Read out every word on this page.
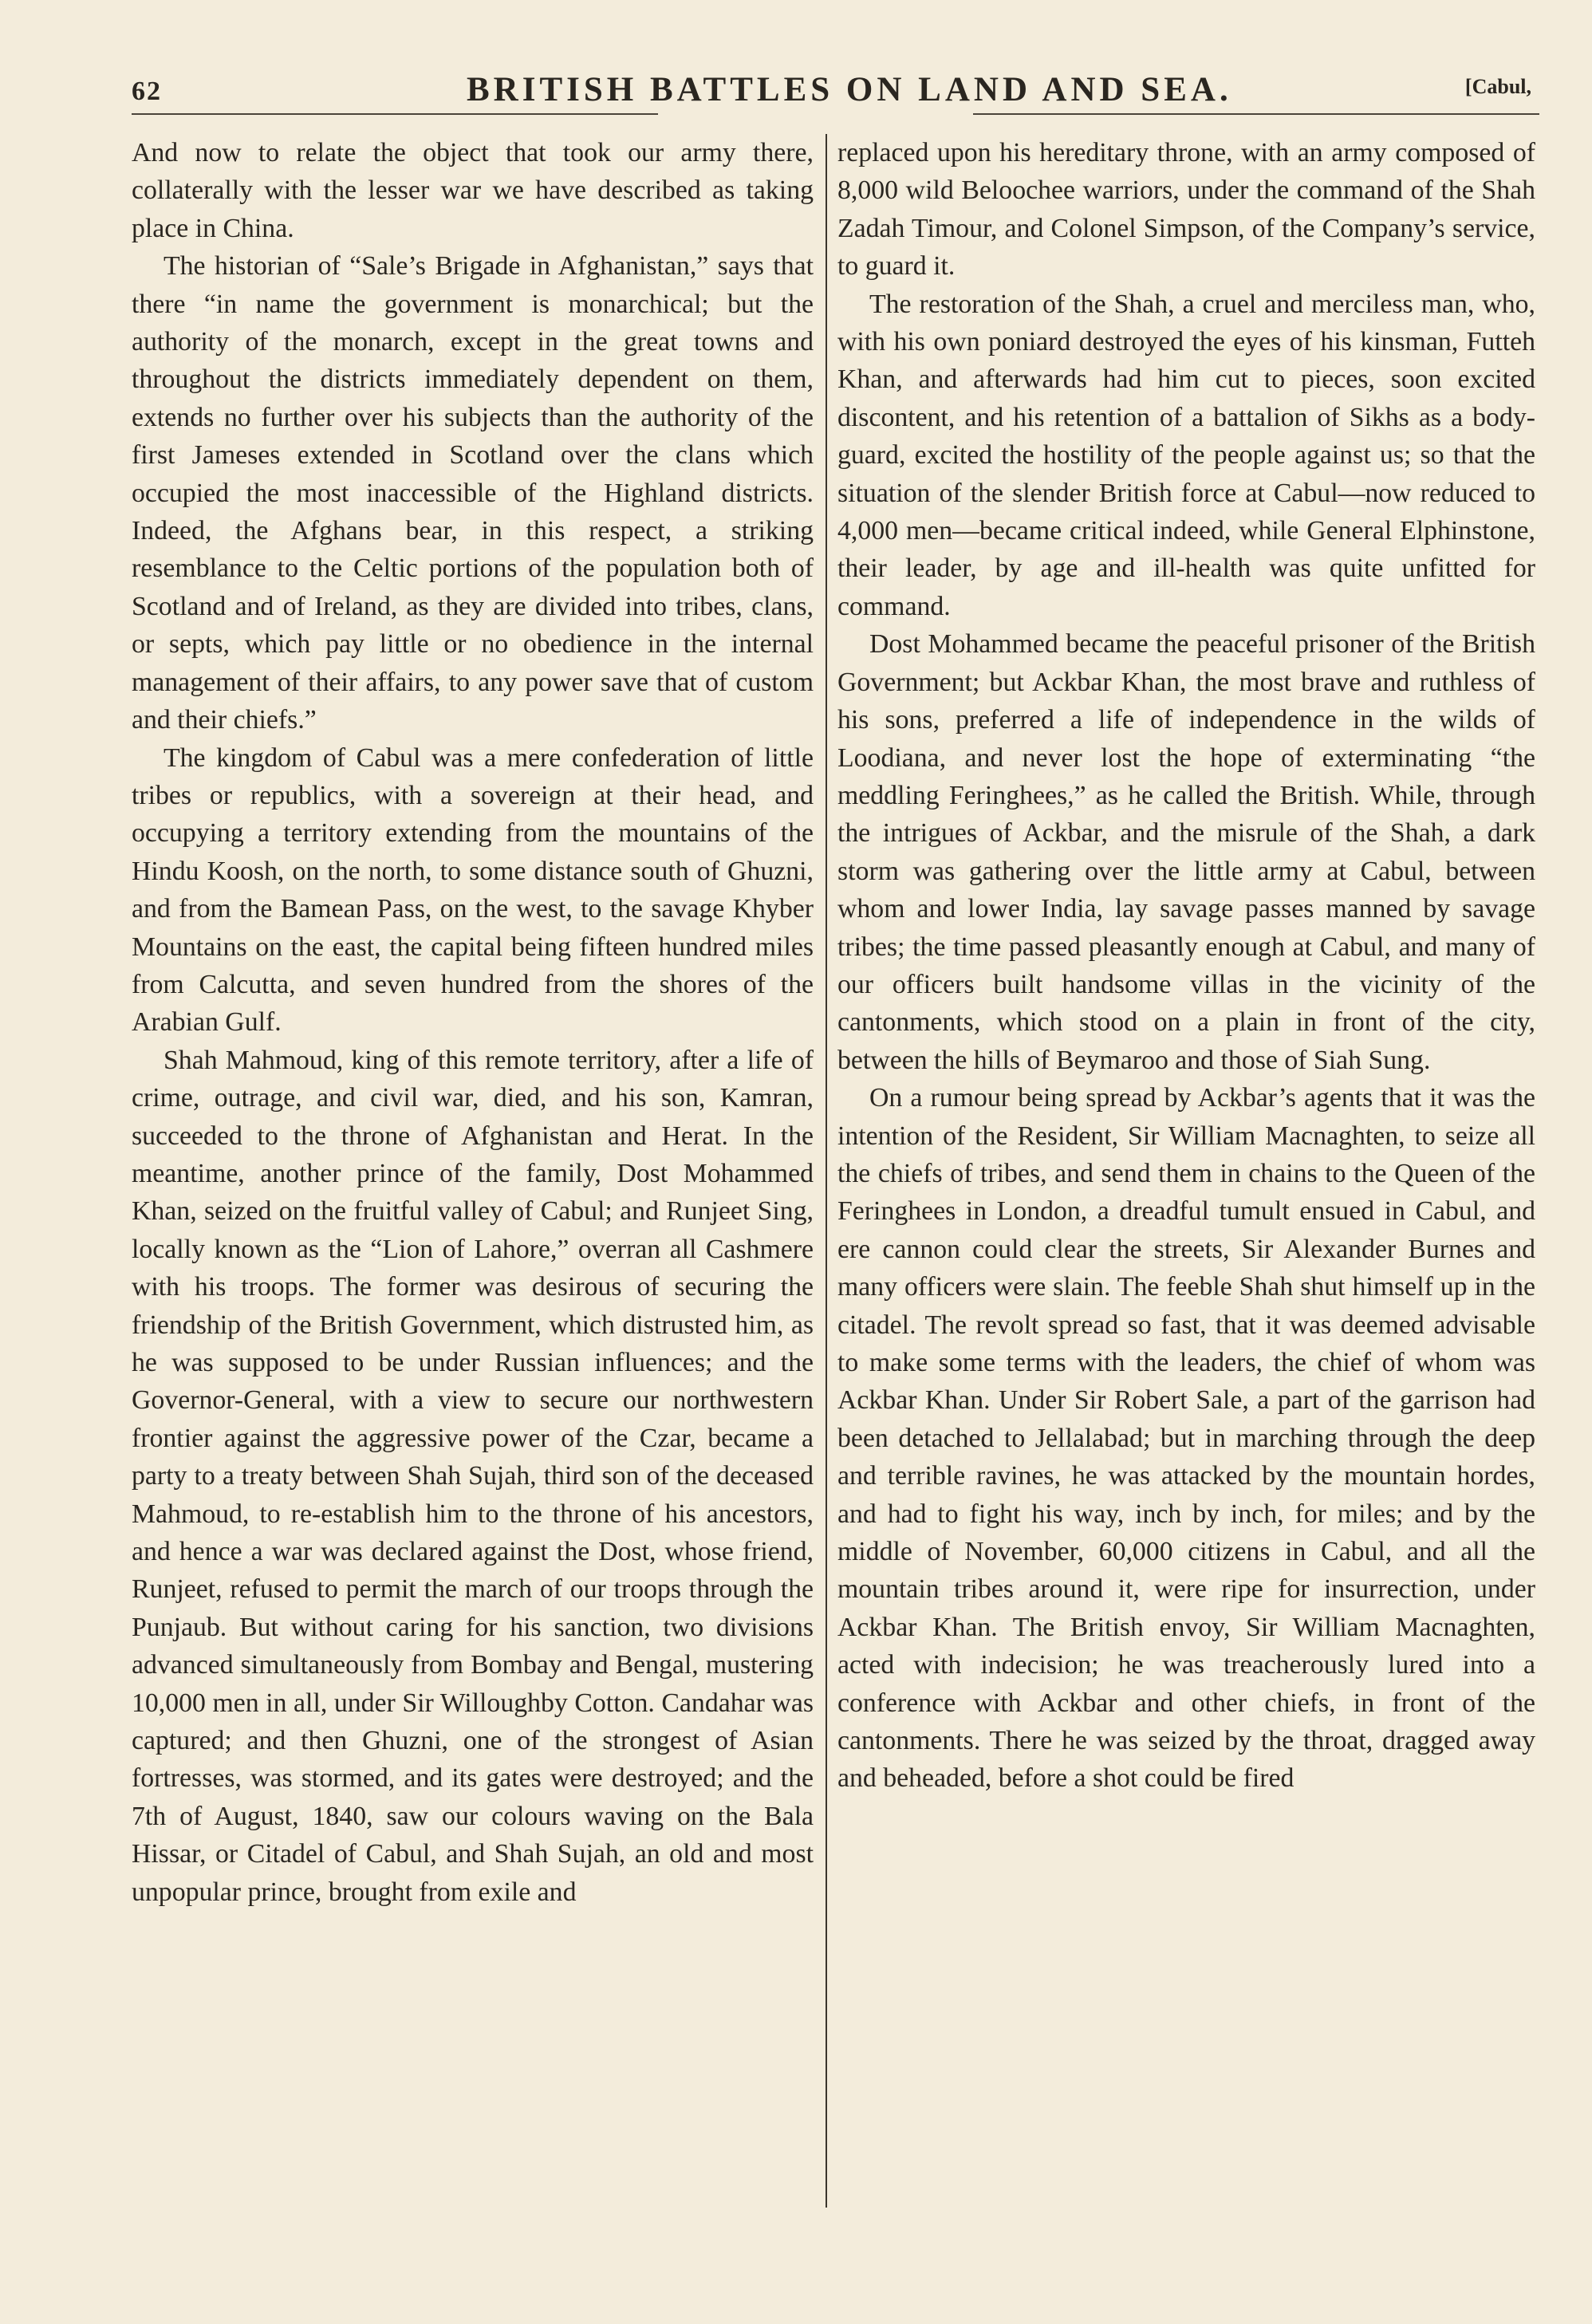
62	BRITISH BATTLES ON LAND AND SEA.	[Cabul,

And now to relate the object that took our army there, collaterally with the lesser war we have described as taking place in China.

The historian of “Sale’s Brigade in Afghanistan,” says that there “in name the government is monarchical; but the authority of the monarch, except in the great towns and throughout the districts immediately dependent on them, extends no further over his subjects than the authority of the first Jameses extended in Scotland over the clans which occupied the most inaccessible of the Highland districts. Indeed, the Afghans bear, in this respect, a striking resemblance to the Celtic portions of the population both of Scotland and of Ireland, as they are divided into tribes, clans, or septs, which pay little or no obedience in the internal management of their affairs, to any power save that of custom and their chiefs.”

The kingdom of Cabul was a mere confederation of little tribes or republics, with a sovereign at their head, and occupying a territory extending from the mountains of the Hindu Koosh, on the north, to some distance south of Ghuzni, and from the Bamean Pass, on the west, to the savage Khyber Mountains on the east, the capital being fifteen hundred miles from Calcutta, and seven hundred from the shores of the Arabian Gulf.

Shah Mahmoud, king of this remote territory, after a life of crime, outrage, and civil war, died, and his son, Kamran, succeeded to the throne of Afghanistan and Herat. In the meantime, another prince of the family, Dost Mohammed Khan, seized on the fruitful valley of Cabul; and Runjeet Sing, locally known as the “Lion of Lahore,” overran all Cashmere with his troops. The former was desirous of securing the friendship of the British Government, which distrusted him, as he was supposed to be under Russian influences; and the Governor-General, with a view to secure our northwestern frontier against the aggressive power of the Czar, became a party to a treaty between Shah Sujah, third son of the deceased Mahmoud, to re-establish him to the throne of his ancestors, and hence a war was declared against the Dost, whose friend, Runjeet, refused to permit the march of our troops through the Punjaub. But without caring for his sanction, two divisions advanced simultaneously from Bombay and Bengal, mustering 10,000 men in all, under Sir Willoughby Cotton. Candahar was captured; and then Ghuzni, one of the strongest of Asian fortresses, was stormed, and its gates were destroyed; and the 7th of August, 1840, saw our colours waving on the Bala Hissar, or Citadel of Cabul, and Shah Sujah, an old and most unpopular prince, brought from exile and

replaced upon his hereditary throne, with an army composed of 8,000 wild Beloochee warriors, under the command of the Shah Zadah Timour, and Colonel Simpson, of the Company’s service, to guard it.

The restoration of the Shah, a cruel and merciless man, who, with his own poniard destroyed the eyes of his kinsman, Futteh Khan, and afterwards had him cut to pieces, soon excited discontent, and his retention of a battalion of Sikhs as a body-guard, excited the hostility of the people against us; so that the situation of the slender British force at Cabul—now reduced to 4,000 men—became critical indeed, while General Elphinstone, their leader, by age and ill-health was quite unfitted for command.

Dost Mohammed became the peaceful prisoner of the British Government; but Ackbar Khan, the most brave and ruthless of his sons, preferred a life of independence in the wilds of Loodiana, and never lost the hope of exterminating “the meddling Feringhees,” as he called the British. While, through the intrigues of Ackbar, and the misrule of the Shah, a dark storm was gathering over the little army at Cabul, between whom and lower India, lay savage passes manned by savage tribes; the time passed pleasantly enough at Cabul, and many of our officers built handsome villas in the vicinity of the cantonments, which stood on a plain in front of the city, between the hills of Beymaroo and those of Siah Sung.

On a rumour being spread by Ackbar’s agents that it was the intention of the Resident, Sir William Macnaghten, to seize all the chiefs of tribes, and send them in chains to the Queen of the Feringhees in London, a dreadful tumult ensued in Cabul, and ere cannon could clear the streets, Sir Alexander Burnes and many officers were slain. The feeble Shah shut himself up in the citadel. The revolt spread so fast, that it was deemed advisable to make some terms with the leaders, the chief of whom was Ackbar Khan. Under Sir Robert Sale, a part of the garrison had been detached to Jellalabad; but in marching through the deep and terrible ravines, he was attacked by the mountain hordes, and had to fight his way, inch by inch, for miles; and by the middle of November, 60,000 citizens in Cabul, and all the mountain tribes around it, were ripe for insurrection, under Ackbar Khan. The British envoy, Sir William Macnaghten, acted with indecision; he was treacherously lured into a conference with Ackbar and other chiefs, in front of the cantonments. There he was seized by the throat, dragged away and beheaded, before a shot could be fired
